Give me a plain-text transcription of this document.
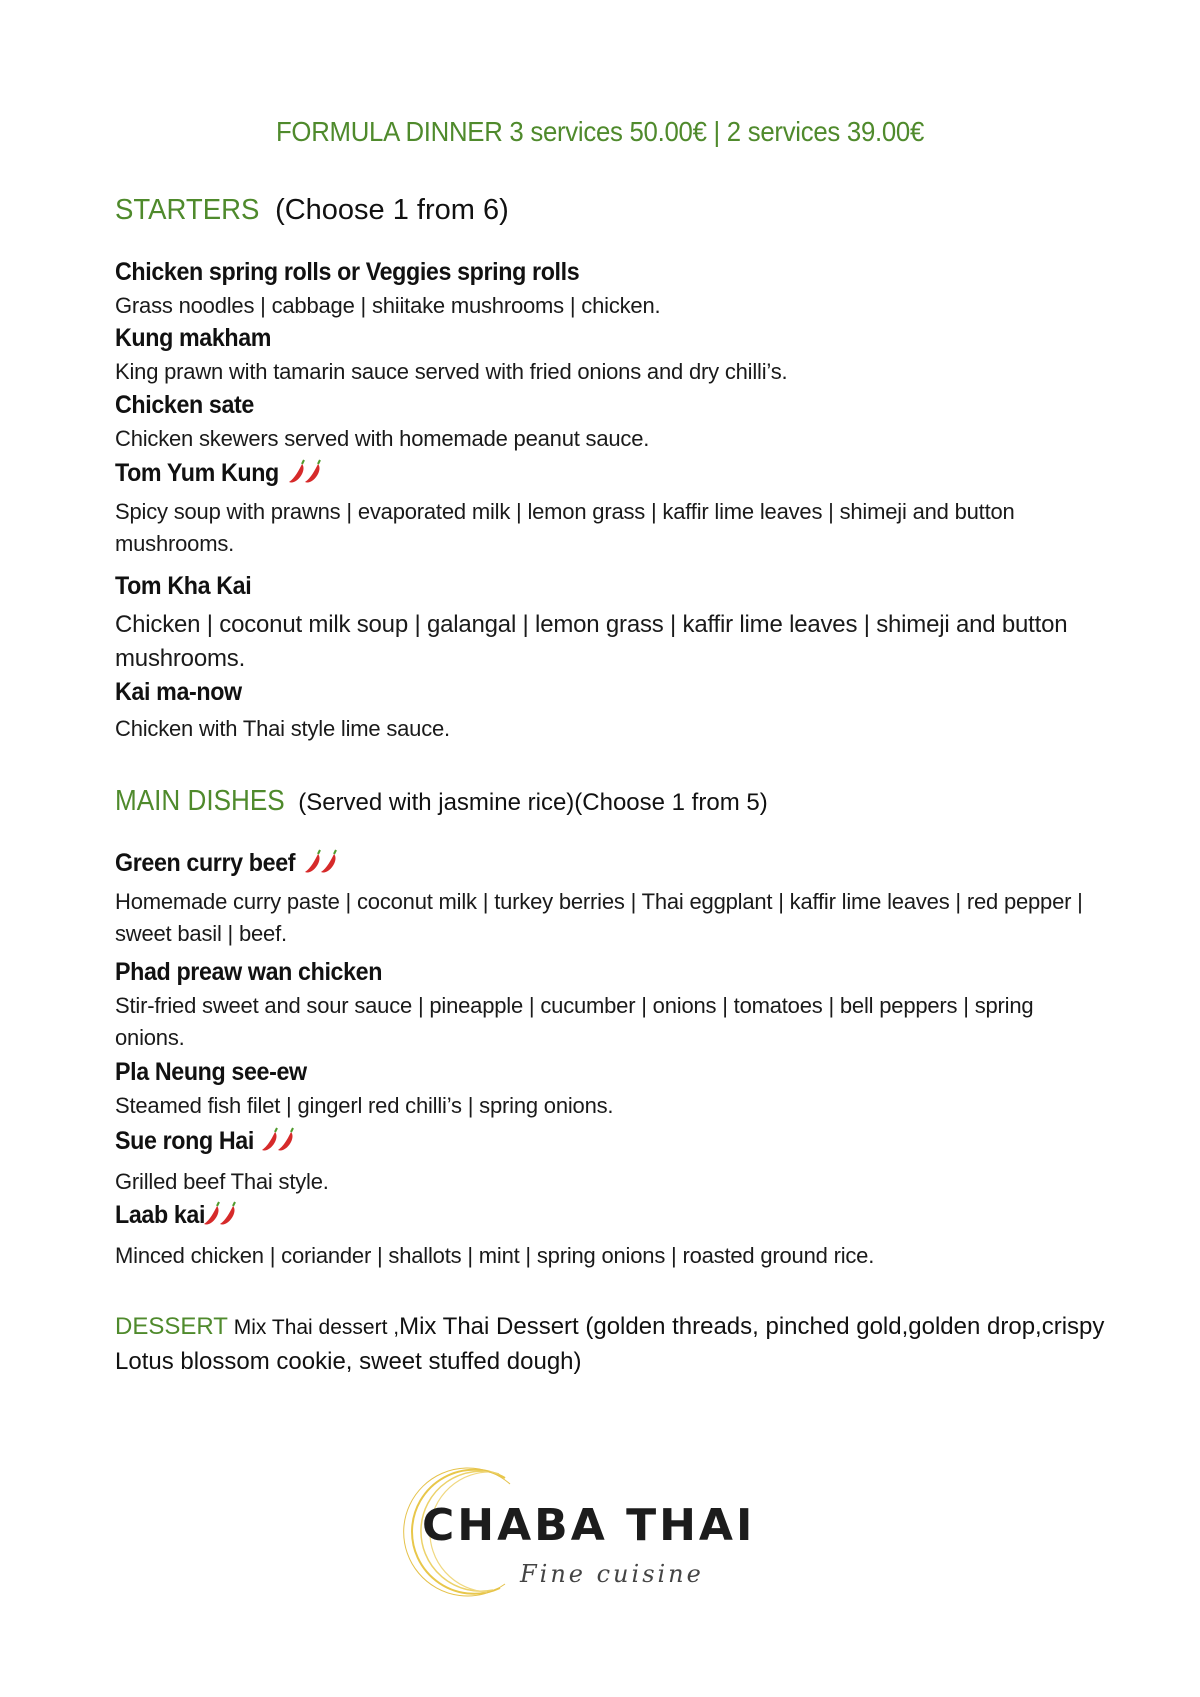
FORMULA DINNER 3 services 50.00€ | 2 services 39.00€
STARTERS (Choose 1 from 6)
Chicken spring rolls or Veggies spring rolls
Grass noodles | cabbage | shiitake mushrooms | chicken.
Kung makham
King prawn with tamarin sauce served with fried onions and dry chilli’s.
Chicken sate
Chicken skewers served with homemade peanut sauce.
Tom Yum Kung
Spicy soup with prawns | evaporated milk | lemon grass | kaffir lime leaves | shimeji and button mushrooms.
Tom Kha Kai
Chicken | coconut milk soup | galangal | lemon grass | kaffir lime leaves | shimeji and button mushrooms.
Kai ma-now
Chicken with Thai style lime sauce.
MAIN DISHES (Served with jasmine rice)(Choose 1 from 5)
Green curry beef
Homemade curry paste | coconut milk | turkey berries | Thai eggplant | kaffir lime leaves | red pepper | sweet basil | beef.
Phad preaw wan chicken
Stir-fried sweet and sour sauce | pineapple | cucumber | onions | tomatoes | bell peppers | spring onions.
Pla Neung see-ew
Steamed fish filet | gingerl red chilli’s | spring onions.
Sue rong Hai
Grilled beef Thai style.
Laab kai
Minced chicken | coriander | shallots | mint | spring onions | roasted ground rice.
DESSERT Mix Thai dessert ,Mix Thai Dessert (golden threads, pinched gold,golden drop,crispy Lotus blossom cookie, sweet stuffed dough)
CHABA THAI
Fine cuisine
